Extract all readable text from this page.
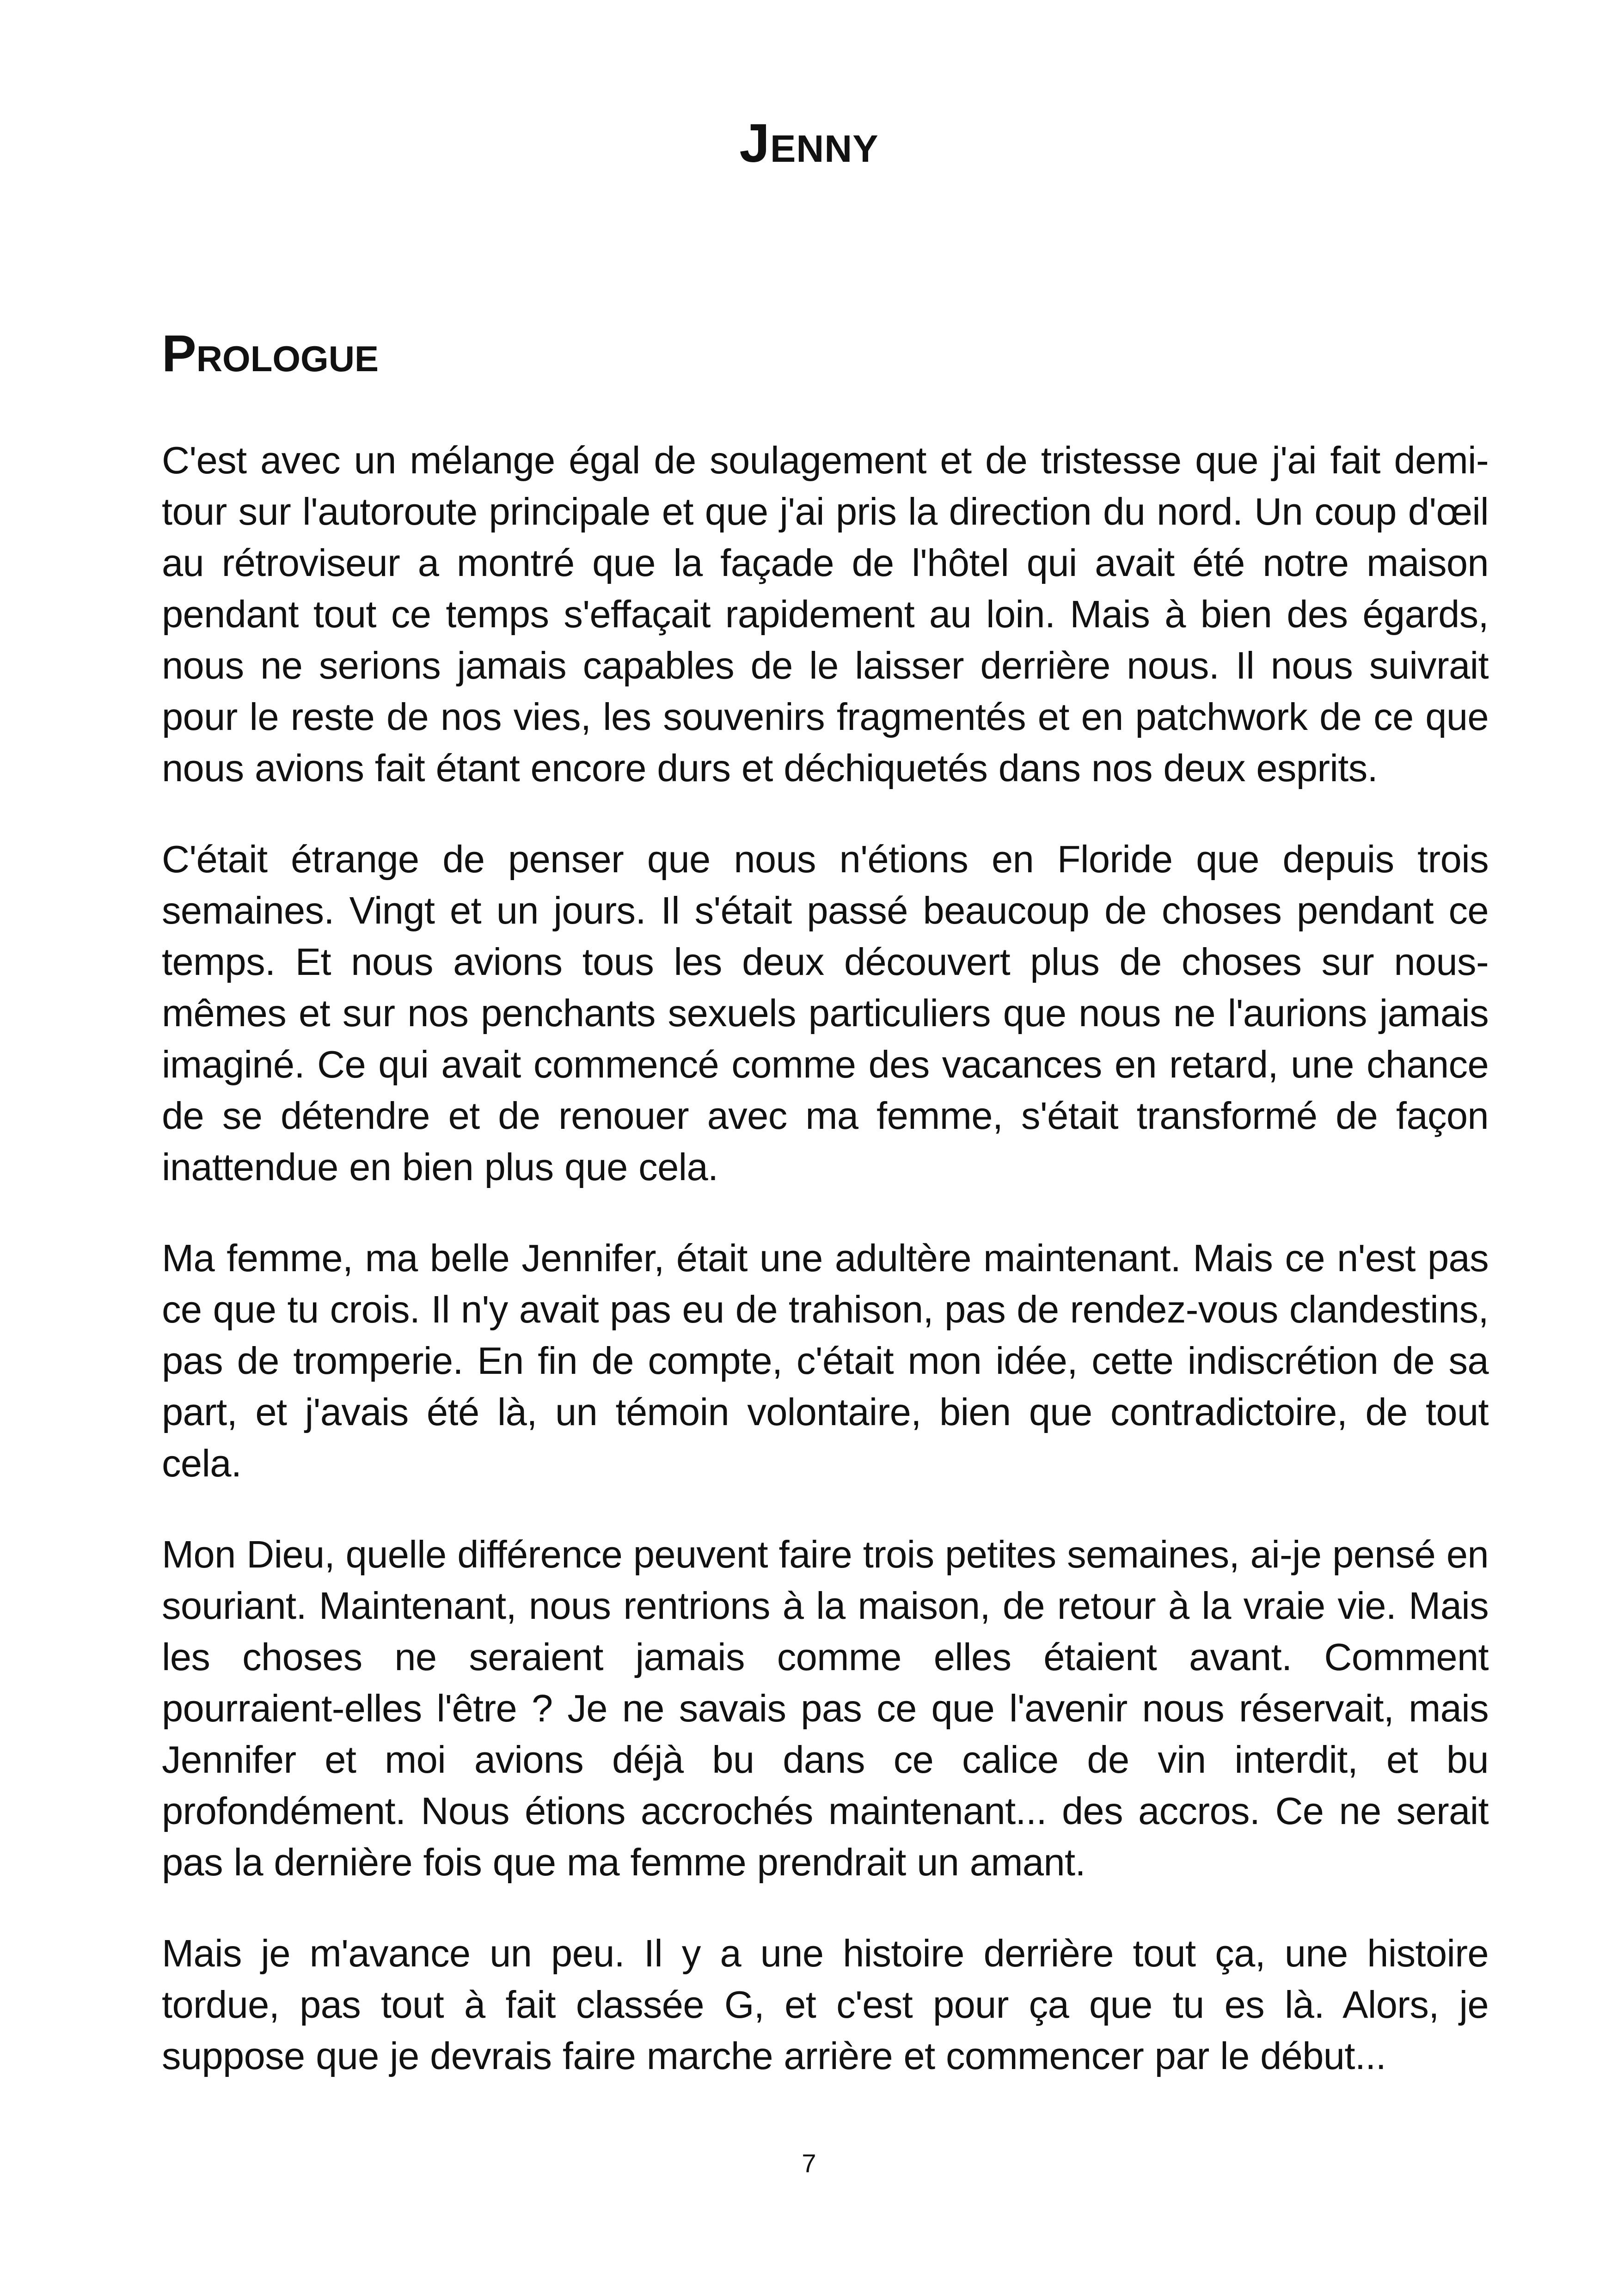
Jenny
Prologue

C'est avec un mélange égal de soulagement et de tristesse que j'ai fait demi-tour sur l'autoroute principale et que j'ai pris la direction du nord. Un coup d'œil au rétroviseur a montré que la façade de l'hôtel qui avait été notre maison pendant tout ce temps s'effaçait rapidement au loin. Mais à bien des égards, nous ne serions jamais capables de le laisser derrière nous. Il nous suivrait pour le reste de nos vies, les souvenirs fragmentés et en patchwork de ce que nous avions fait étant encore durs et déchiquetés dans nos deux esprits.

C'était étrange de penser que nous n'étions en Floride que depuis trois semaines. Vingt et un jours. Il s'était passé beaucoup de choses pendant ce temps. Et nous avions tous les deux découvert plus de choses sur nous-mêmes et sur nos penchants sexuels particuliers que nous ne l'aurions jamais imaginé. Ce qui avait commencé comme des vacances en retard, une chance de se détendre et de renouer avec ma femme, s'était transformé de façon inattendue en bien plus que cela.

Ma femme, ma belle Jennifer, était une adultère maintenant. Mais ce n'est pas ce que tu crois. Il n'y avait pas eu de trahison, pas de rendez-vous clandestins, pas de tromperie. En fin de compte, c'était mon idée, cette indiscrétion de sa part, et j'avais été là, un témoin volontaire, bien que contradictoire, de tout cela.

Mon Dieu, quelle différence peuvent faire trois petites semaines, ai-je pensé en souriant. Maintenant, nous rentrions à la maison, de retour à la vraie vie. Mais les choses ne seraient jamais comme elles étaient avant. Comment pourraient-elles l'être ? Je ne savais pas ce que l'avenir nous réservait, mais Jennifer et moi avions déjà bu dans ce calice de vin interdit, et bu profondément. Nous étions accrochés maintenant... des accros. Ce ne serait pas la dernière fois que ma femme prendrait un amant.

Mais je m'avance un peu. Il y a une histoire derrière tout ça, une histoire tordue, pas tout à fait classée G, et c'est pour ça que tu es là. Alors, je suppose que je devrais faire marche arrière et commencer par le début...

7
